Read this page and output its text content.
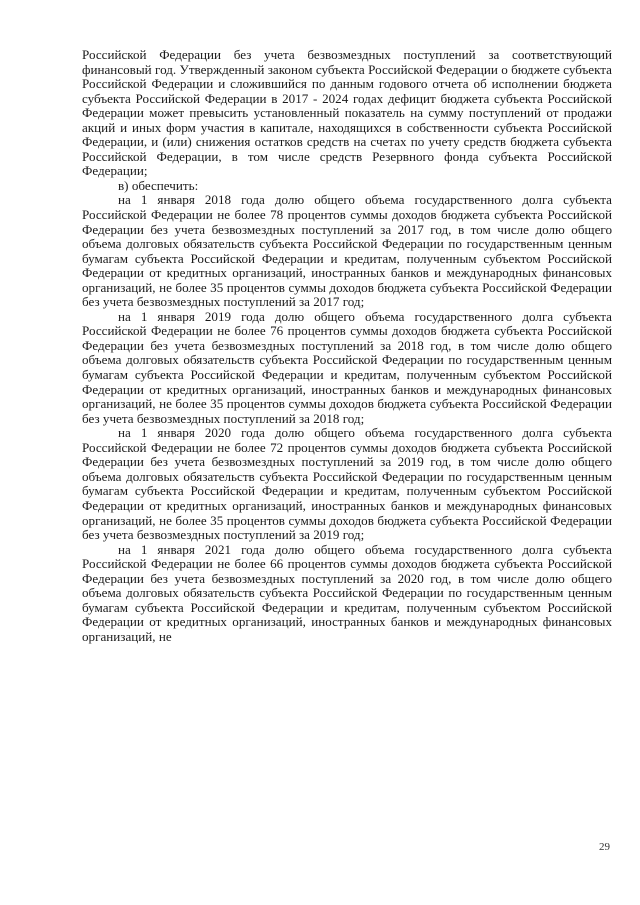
Российской Федерации без учета безвозмездных поступлений за соответствующий финансовый год. Утвержденный законом субъекта Российской Федерации о бюджете субъекта Российской Федерации и сложившийся по данным годового отчета об исполнении бюджета субъекта Российской Федерации в 2017 - 2024 годах дефицит бюджета субъекта Российской Федерации может превысить установленный показатель на сумму поступлений от продажи акций и иных форм участия в капитале, находящихся в собственности субъекта Российской Федерации, и (или) снижения остатков средств на счетах по учету средств бюджета субъекта Российской Федерации, в том числе средств Резервного фонда субъекта Российской Федерации;

в) обеспечить:

на 1 января 2018 года долю общего объема государственного долга субъекта Российской Федерации не более 78 процентов суммы доходов бюджета субъекта Российской Федерации без учета безвозмездных поступлений за 2017 год, в том числе долю общего объема долговых обязательств субъекта Российской Федерации по государственным ценным бумагам субъекта Российской Федерации и кредитам, полученным субъектом Российской Федерации от кредитных организаций, иностранных банков и международных финансовых организаций, не более 35 процентов суммы доходов бюджета субъекта Российской Федерации без учета безвозмездных поступлений за 2017 год;

на 1 января 2019 года долю общего объема государственного долга субъекта Российской Федерации не более 76 процентов суммы доходов бюджета субъекта Российской Федерации без учета безвозмездных поступлений за 2018 год, в том числе долю общего объема долговых обязательств субъекта Российской Федерации по государственным ценным бумагам субъекта Российской Федерации и кредитам, полученным субъектом Российской Федерации от кредитных организаций, иностранных банков и международных финансовых организаций, не более 35 процентов суммы доходов бюджета субъекта Российской Федерации без учета безвозмездных поступлений за 2018 год;

на 1 января 2020 года долю общего объема государственного долга субъекта Российской Федерации не более 72 процентов суммы доходов бюджета субъекта Российской Федерации без учета безвозмездных поступлений за 2019 год, в том числе долю общего объема долговых обязательств субъекта Российской Федерации по государственным ценным бумагам субъекта Российской Федерации и кредитам, полученным субъектом Российской Федерации от кредитных организаций, иностранных банков и международных финансовых организаций, не более 35 процентов суммы доходов бюджета субъекта Российской Федерации без учета безвозмездных поступлений за 2019 год;

на 1 января 2021 года долю общего объема государственного долга субъекта Российской Федерации не более 66 процентов суммы доходов бюджета субъекта Российской Федерации без учета безвозмездных поступлений за 2020 год, в том числе долю общего объема долговых обязательств субъекта Российской Федерации по государственным ценным бумагам субъекта Российской Федерации и кредитам, полученным субъектом Российской Федерации от кредитных организаций, иностранных банков и международных финансовых организаций, не

29
